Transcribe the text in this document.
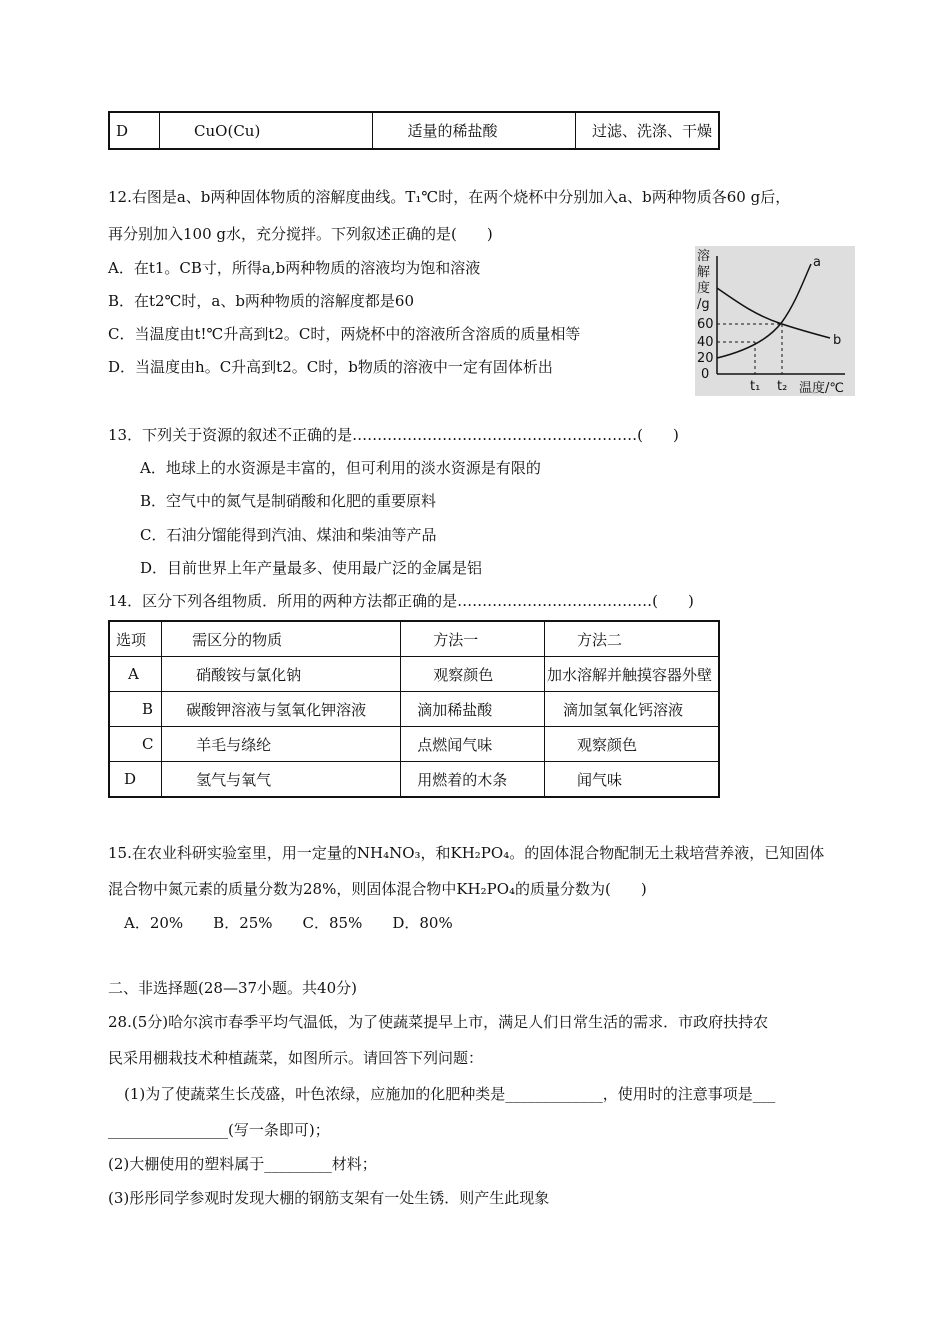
D	CuO(Cu)	适量的稀盐酸	过滤、洗涤、干燥
12.右图是a、b两种固体物质的溶解度曲线。T₁℃时，在两个烧杯中分别加入a、b两种物质各60 g后，
再分别加入100 g水，充分搅拌。下列叙述正确的是(　　)
A．在t1。CB寸，所得a,b两种物质的溶液均为饱和溶液
B．在t2℃时，a、b两种物质的溶解度都是60
C．当温度由t!℃升高到t2。C时，两烧杯中的溶液所含溶质的质量相等
D．当温度由h。C升高到t2。C时，b物质的溶液中一定有固体析出
溶
解
度
/g
60
40
20
0
t₁ t₂ 温度/℃
a
b
13．下列关于资源的叙述不正确的是…………………………………………………(　　)
A．地球上的水资源是丰富的，但可利用的淡水资源是有限的
B．空气中的氮气是制硝酸和化肥的重要原料
C．石油分馏能得到汽油、煤油和柴油等产品
D．目前世界上年产量最多、使用最广泛的金属是铝
14．区分下列各组物质．所用的两种方法都正确的是…………………………………(　　)
选项	需区分的物质	方法一	方法二
A	硝酸铵与氯化钠	观察颜色	加水溶解并触摸容器外壁
B	碳酸钾溶液与氢氧化钾溶液	滴加稀盐酸	滴加氢氧化钙溶液
C	羊毛与绦纶	点燃闻气味	观察颜色
D	氢气与氧气	用燃着的木条	闻气味
15.在农业科研实验室里，用一定量的NH₄NO₃，和KH₂PO₄。的固体混合物配制无土栽培营养液，已知固体
混合物中氮元素的质量分数为28%，则固体混合物中KH₂PO₄的质量分数为(　　)
A．20%　　B．25%　　C．85%　　D．80%
二、非选择题(28—37小题。共40分)
28.(5分)哈尔滨市春季平均气温低，为了使蔬菜提早上市，满足人们日常生活的需求．市政府扶持农
民采用棚栽技术种植蔬菜，如图所示。请回答下列问题：
(1)为了使蔬菜生长茂盛，叶色浓绿，应施加的化肥种类是_____________，使用时的注意事项是___
________________(写一条即可)；
(2)大棚使用的塑料属于_________材料；
(3)彤彤同学参观时发现大棚的钢筋支架有一处生锈．则产生此现象
